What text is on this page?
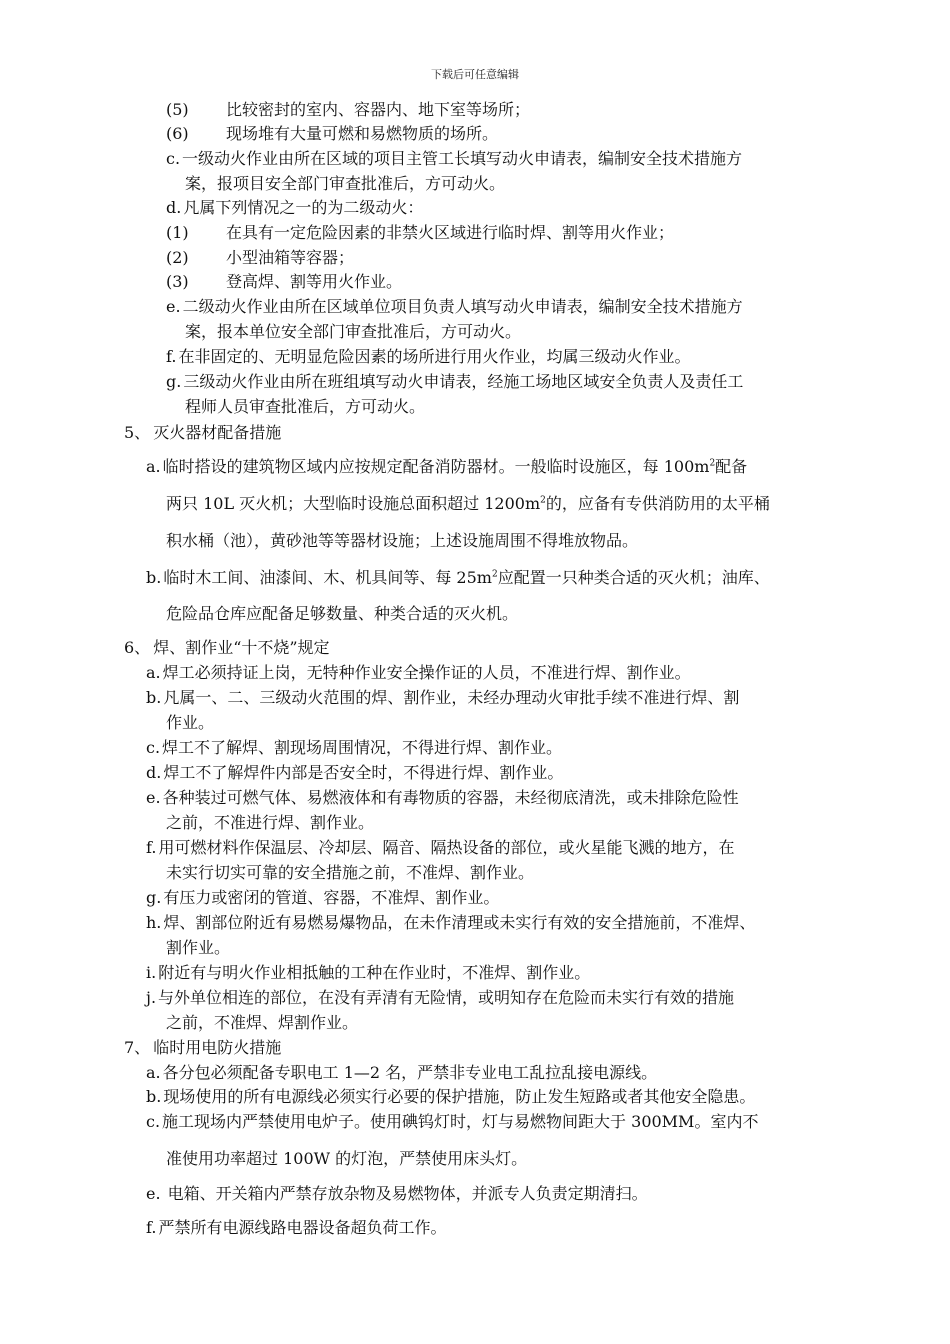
下载后可任意编辑
(5) 比较密封的室内、容器内、地下室等场所；
(6) 现场堆有大量可燃和易燃物质的场所。
c. 一级动火作业由所在区域的项目主管工长填写动火申请表，编制安全技术措施方
案，报项目安全部门审查批准后，方可动火。
d. 凡属下列情况之一的为二级动火：
(1) 在具有一定危险因素的非禁火区域进行临时焊、割等用火作业；
(2) 小型油箱等容器；
(3) 登高焊、割等用火作业。
e. 二级动火作业由所在区域单位项目负责人填写动火申请表，编制安全技术措施方
案，报本单位安全部门审查批准后，方可动火。
f. 在非固定的、无明显危险因素的场所进行用火作业，均属三级动火作业。
g. 三级动火作业由所在班组填写动火申请表，经施工场地区域安全负责人及责任工
程师人员审查批准后，方可动火。
5、 灭火器材配备措施
a. 临时搭设的建筑物区域内应按规定配备消防器材。一般临时设施区，每 $100m^2$配备
两只 10L 灭火机；大型临时设施总面积超过 $1200m^2$的，应备有专供消防用的太平桶
积水桶（池），黄砂池等等器材设施；上述设施周围不得堆放物品。
b. 临时木工间、油漆间、木、机具间等、每 $25m^2$应配置一只种类合适的灭火机；油库、
危险品仓库应配备足够数量、种类合适的灭火机。
6、 焊、割作业“十不烧”规定
a. 焊工必须持证上岗，无特种作业安全操作证的人员，不准进行焊、割作业。
b. 凡属一、二、三级动火范围的焊、割作业，未经办理动火审批手续不准进行焊、割
作业。
c. 焊工不了解焊、割现场周围情况，不得进行焊、割作业。
d. 焊工不了解焊件内部是否安全时，不得进行焊、割作业。
e. 各种装过可燃气体、易燃液体和有毒物质的容器，未经彻底清洗，或未排除危险性
之前，不准进行焊、割作业。
f. 用可燃材料作保温层、冷却层、隔音、隔热设备的部位，或火星能飞溅的地方，在
未实行切实可靠的安全措施之前，不准焊、割作业。
g. 有压力或密闭的管道、容器，不准焊、割作业。
h. 焊、割部位附近有易燃易爆物品，在未作清理或未实行有效的安全措施前，不准焊、
割作业。
i. 附近有与明火作业相抵触的工种在作业时，不准焊、割作业。
j. 与外单位相连的部位，在没有弄清有无险情，或明知存在危险而未实行有效的措施
之前，不准焊、焊割作业。
7、 临时用电防火措施
a. 各分包必须配备专职电工 1—2 名，严禁非专业电工乱拉乱接电源线。
b. 现场使用的所有电源线必须实行必要的保护措施，防止发生短路或者其他安全隐患。
c. 施工现场内严禁使用电炉子。使用碘钨灯时，灯与易燃物间距大于 300MM。室内不
准使用功率超过 100W 的灯泡，严禁使用床头灯。
e. 电箱、开关箱内严禁存放杂物及易燃物体，并派专人负责定期清扫。
f. 严禁所有电源线路电器设备超负荷工作。
